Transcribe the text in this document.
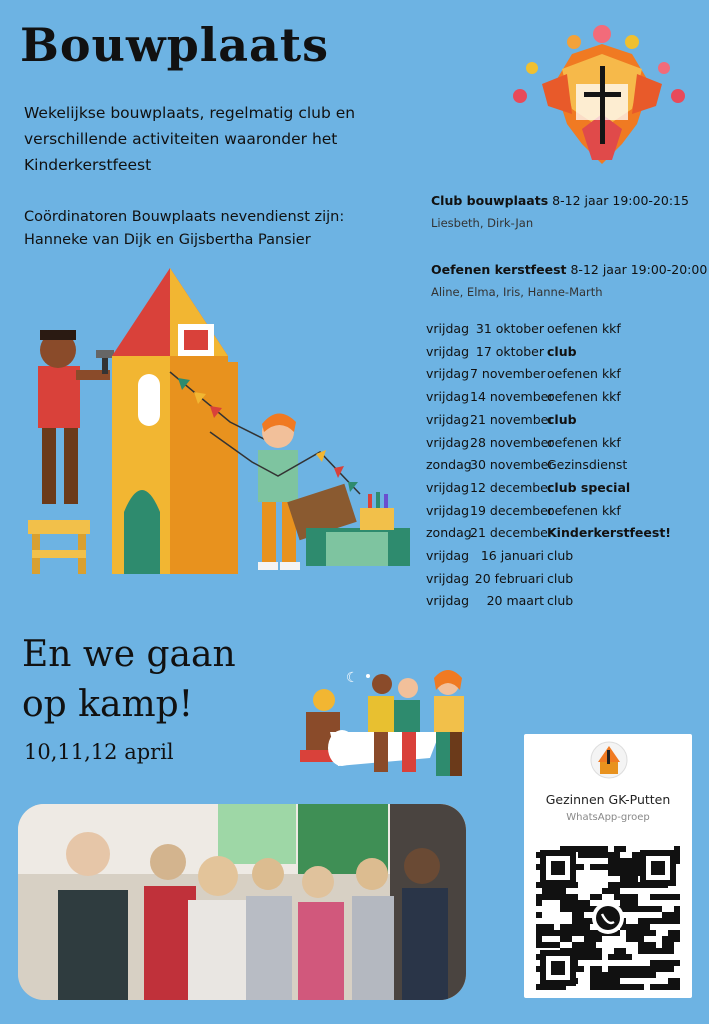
Bouwplaats
Wekelijkse bouwplaats, regelmatig club en verschillende activiteiten waaronder het Kinderkerstfeest
Coördinatoren Bouwplaats nevendienst zijn:
Hanneke van Dijk en Gijsbertha Pansier
Club bouwplaats 8-12 jaar 19:00-20:15
Liesbeth, Dirk-Jan
Oefenen kerstfeest 8-12 jaar 19:00-20:00
Aline, Elma, Iris, Hanne-Marth
vrijdag 31 oktober oefenen kkf
vrijdag 17 oktober club
vrijdag 7 november oefenen kkf
vrijdag 14 november
oefenen kkf
vrijdag 21 november
club
vrijdag 28 november
oefenen kkf
zondag
30 november
Gezinsdienst
vrijdag 12 december
club special
vrijdag 19 december
oefenen kkf
zondag
21 december
Kinderkerstfeest!
vrijdag 16 januari club
vrijdag 20 februari club
vrijdag	20 maart club
En we gaan
op kamp!
10,11,12 april
☾
Gezinnen GK-Putten
WhatsApp-groep
